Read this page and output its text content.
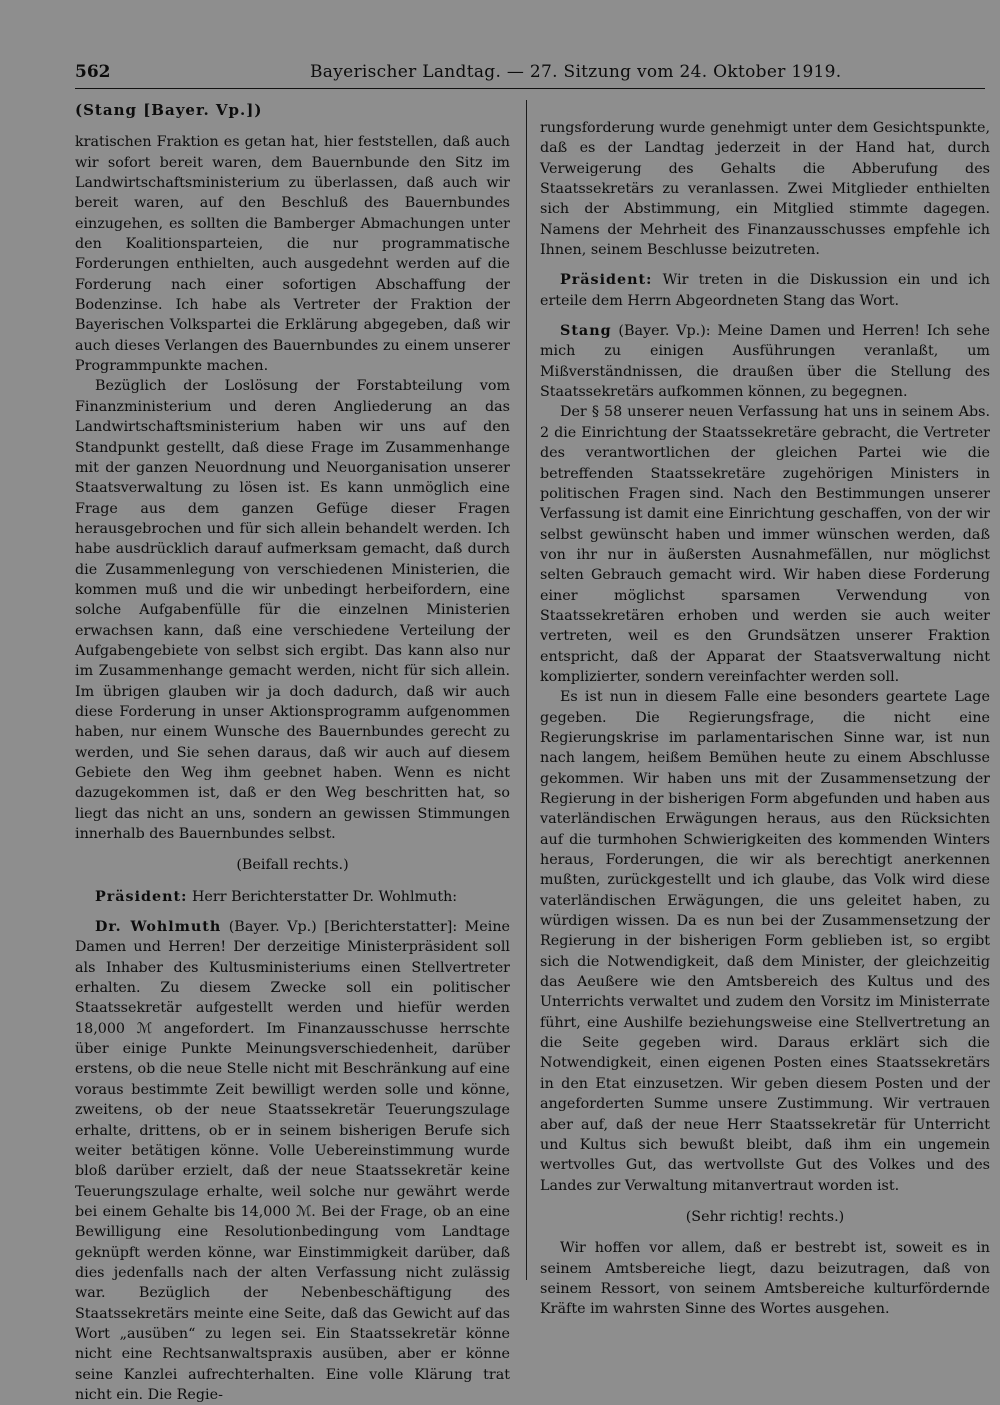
562	Bayerischer Landtag. — 27. Sitzung vom 24. Oktober 1919.

(Stang [Bayer. Vp.])

kratischen Fraktion es getan hat, hier feststellen, daß auch wir sofort bereit waren, dem Bauernbunde den Sitz im Landwirtschaftsministerium zu überlassen, daß auch wir bereit waren, auf den Beschluß des Bauernbundes einzugehen, es sollten die Bamberger Abmachungen unter den Koalitionsparteien, die nur programmatische Forderungen enthielten, auch ausgedehnt werden auf die Forderung nach einer sofortigen Abschaffung der Bodenzinse. Ich habe als Vertreter der Fraktion der Bayerischen Volkspartei die Erklärung abgegeben, daß wir auch dieses Verlangen des Bauernbundes zu einem unserer Programmpunkte machen.

Bezüglich der Loslösung der Forstabteilung vom Finanzministerium und deren Angliederung an das Landwirtschaftsministerium haben wir uns auf den Standpunkt gestellt, daß diese Frage im Zusammenhange mit der ganzen Neuordnung und Neuorganisation unserer Staatsverwaltung zu lösen ist. Es kann unmöglich eine Frage aus dem ganzen Gefüge dieser Fragen herausgebrochen und für sich allein behandelt werden. Ich habe ausdrücklich darauf aufmerksam gemacht, daß durch die Zusammenlegung von verschiedenen Ministerien, die kommen muß und die wir unbedingt herbeifordern, eine solche Aufgabenfülle für die einzelnen Ministerien erwachsen kann, daß eine verschiedene Verteilung der Aufgabengebiete von selbst sich ergibt. Das kann also nur im Zusammenhange gemacht werden, nicht für sich allein. Im übrigen glauben wir ja doch dadurch, daß wir auch diese Forderung in unser Aktionsprogramm aufgenommen haben, nur einem Wunsche des Bauernbundes gerecht zu werden, und Sie sehen daraus, daß wir auch auf diesem Gebiete den Weg ihm geebnet haben. Wenn es nicht dazugekommen ist, daß er den Weg beschritten hat, so liegt das nicht an uns, sondern an gewissen Stimmungen innerhalb des Bauernbundes selbst.

(Beifall rechts.)

Präsident: Herr Berichterstatter Dr. Wohlmuth:

Dr. Wohlmuth (Bayer. Vp.) [Berichterstatter]: Meine Damen und Herren! Der derzeitige Ministerpräsident soll als Inhaber des Kultusministeriums einen Stellvertreter erhalten. Zu diesem Zwecke soll ein politischer Staatssekretär aufgestellt werden und hiefür werden 18,000 ℳ angefordert. Im Finanzausschusse herrschte über einige Punkte Meinungsverschiedenheit, darüber erstens, ob die neue Stelle nicht mit Beschränkung auf eine voraus bestimmte Zeit bewilligt werden solle und könne, zweitens, ob der neue Staatssekretär Teuerungszulage erhalte, drittens, ob er in seinem bisherigen Berufe sich weiter betätigen könne. Volle Uebereinstimmung wurde bloß darüber erzielt, daß der neue Staatssekretär keine Teuerungszulage erhalte, weil solche nur gewährt werde bei einem Gehalte bis 14,000 ℳ. Bei der Frage, ob an eine Bewilligung eine Resolutionbedingung vom Landtage geknüpft werden könne, war Einstimmigkeit darüber, daß dies jedenfalls nach der alten Verfassung nicht zulässig war. Bezüglich der Nebenbeschäftigung des Staatssekretärs meinte eine Seite, daß das Gewicht auf das Wort „ausüben“ zu legen sei. Ein Staatssekretär könne nicht eine Rechtsanwaltspraxis ausüben, aber er könne seine Kanzlei aufrechterhalten. Eine volle Klärung trat nicht ein. Die Regie-

rungsforderung wurde genehmigt unter dem Gesichtspunkte, daß es der Landtag jederzeit in der Hand hat, durch Verweigerung des Gehalts die Abberufung des Staatssekretärs zu veranlassen. Zwei Mitglieder enthielten sich der Abstimmung, ein Mitglied stimmte dagegen. Namens der Mehrheit des Finanzausschusses empfehle ich Ihnen, seinem Beschlusse beizutreten.

Präsident: Wir treten in die Diskussion ein und ich erteile dem Herrn Abgeordneten Stang das Wort.

Stang (Bayer. Vp.): Meine Damen und Herren! Ich sehe mich zu einigen Ausführungen veranlaßt, um Mißverständnissen, die draußen über die Stellung des Staatssekretärs aufkommen können, zu begegnen.

Der § 58 unserer neuen Verfassung hat uns in seinem Abs. 2 die Einrichtung der Staatssekretäre gebracht, die Vertreter des verantwortlichen der gleichen Partei wie die betreffenden Staatssekretäre zugehörigen Ministers in politischen Fragen sind. Nach den Bestimmungen unserer Verfassung ist damit eine Einrichtung geschaffen, von der wir selbst gewünscht haben und immer wünschen werden, daß von ihr nur in äußersten Ausnahmefällen, nur möglichst selten Gebrauch gemacht wird. Wir haben diese Forderung einer möglichst sparsamen Verwendung von Staatssekretären erhoben und werden sie auch weiter vertreten, weil es den Grundsätzen unserer Fraktion entspricht, daß der Apparat der Staatsverwaltung nicht komplizierter, sondern vereinfachter werden soll.

Es ist nun in diesem Falle eine besonders geartete Lage gegeben. Die Regierungsfrage, die nicht eine Regierungskrise im parlamentarischen Sinne war, ist nun nach langem, heißem Bemühen heute zu einem Abschlusse gekommen. Wir haben uns mit der Zusammensetzung der Regierung in der bisherigen Form abgefunden und haben aus vaterländischen Erwägungen heraus, aus den Rücksichten auf die turmhohen Schwierigkeiten des kommenden Winters heraus, Forderungen, die wir als berechtigt anerkennen mußten, zurückgestellt und ich glaube, das Volk wird diese vaterländischen Erwägungen, die uns geleitet haben, zu würdigen wissen. Da es nun bei der Zusammensetzung der Regierung in der bisherigen Form geblieben ist, so ergibt sich die Notwendigkeit, daß dem Minister, der gleichzeitig das Aeußere wie den Amtsbereich des Kultus und des Unterrichts verwaltet und zudem den Vorsitz im Ministerrate führt, eine Aushilfe beziehungsweise eine Stellvertretung an die Seite gegeben wird. Daraus erklärt sich die Notwendigkeit, einen eigenen Posten eines Staatssekretärs in den Etat einzusetzen. Wir geben diesem Posten und der angeforderten Summe unsere Zustimmung. Wir vertrauen aber auf, daß der neue Herr Staatssekretär für Unterricht und Kultus sich bewußt bleibt, daß ihm ein ungemein wertvolles Gut, das wertvollste Gut des Volkes und des Landes zur Verwaltung mitanvertraut worden ist.

(Sehr richtig! rechts.)

Wir hoffen vor allem, daß er bestrebt ist, soweit es in seinem Amtsbereiche liegt, dazu beizutragen, daß von seinem Ressort, von seinem Amtsbereiche kulturfördernde Kräfte im wahrsten Sinne des Wortes ausgehen.
